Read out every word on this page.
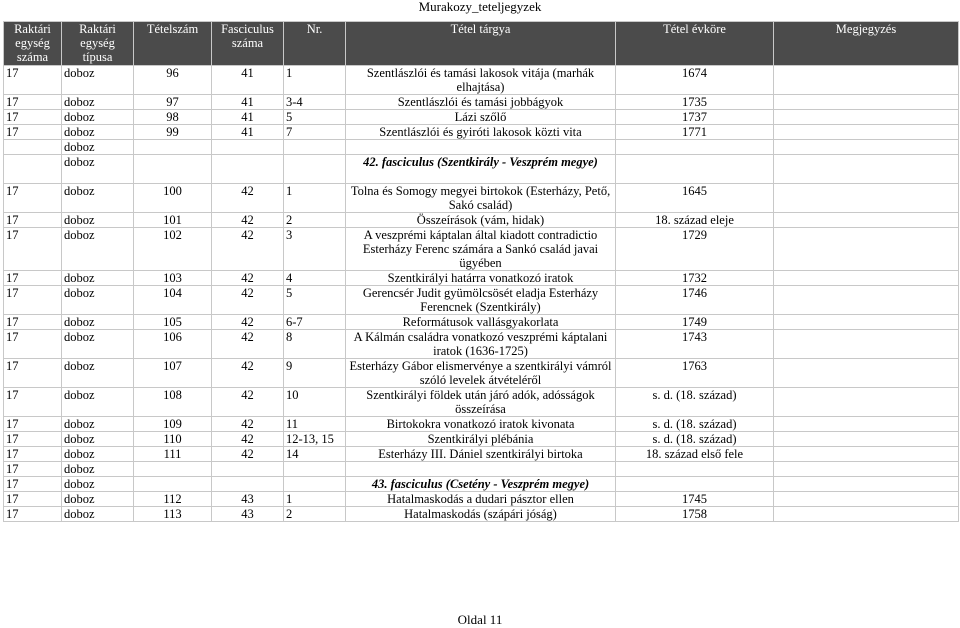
Murakozy_teteljegyzek
Raktári egység száma	Raktári egység típusa	Tételszám	Fasciculus száma	Nr.	Tétel tárgya	Tétel évköre	Megjegyzés
17	doboz	96	41	1	Szentlászlói és tamási lakosok vitája (marhák elhajtása)	1674	
17	doboz	97	41	3-4	Szentlászlói és tamási jobbágyok	1735	
17	doboz	98	41	5	Lázi szőlő	1737	
17	doboz	99	41	7	Szentlászlói és gyiróti lakosok közti vita	1771	
	doboz						
	doboz				42. fasciculus (Szentkirály - Veszprém megye)		
17	doboz	100	42	1	Tolna és Somogy megyei birtokok (Esterházy, Pető, Sakó család)	1645	
17	doboz	101	42	2	Összeírások (vám, hidak)	18. század eleje	
17	doboz	102	42	3	A veszprémi káptalan által kiadott contradictio Esterházy Ferenc számára a Sankó család javai ügyében	1729	
17	doboz	103	42	4	Szentkirályi határra vonatkozó iratok	1732	
17	doboz	104	42	5	Gerencsér Judit gyümölcsösét eladja Esterházy Ferencnek (Szentkirály)	1746	
17	doboz	105	42	6-7	Reformátusok vallásgyakorlata	1749	
17	doboz	106	42	8	A Kálmán családra vonatkozó veszprémi káptalani iratok (1636-1725)	1743	
17	doboz	107	42	9	Esterházy Gábor elismervénye a szentkirályi vámról szóló levelek átvételéről	1763	
17	doboz	108	42	10	Szentkirályi földek után járó adók, adósságok összeírása	s. d. (18. század)	
17	doboz	109	42	11	Birtokokra vonatkozó iratok kivonata	s. d. (18. század)	
17	doboz	110	42	12-13, 15	Szentkirályi plébánia	s. d. (18. század)	
17	doboz	111	42	14	Esterházy III. Dániel szentkirályi birtoka	18. század első fele	
17	doboz						
17	doboz				43. fasciculus (Csetény - Veszprém megye)		
17	doboz	112	43	1	Hatalmaskodás a dudari pásztor ellen	1745	
17	doboz	113	43	2	Hatalmaskodás (szápári jóság)	1758	
Oldal 11
